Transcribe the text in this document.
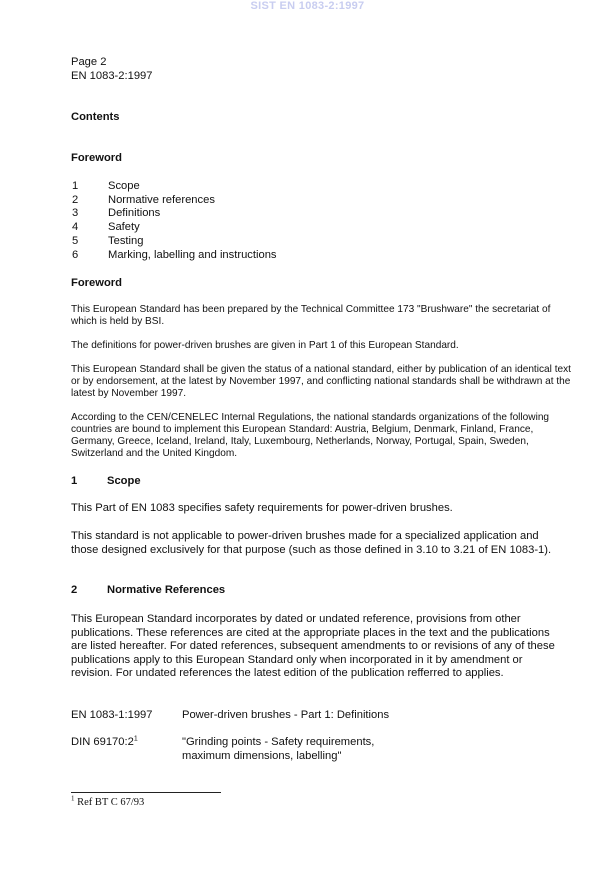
SIST EN 1083-2:1997
Page 2
EN 1083-2:1997
Contents
Foreword
1	Scope
2	Normative references
3	Definitions
4	Safety
5	Testing
6	Marking, labelling and instructions
Foreword
This European Standard has been prepared by the Technical Committee 173 "Brushware" the secretariat of which is held by BSI.
The definitions for power-driven brushes are given in Part 1 of this European Standard.
This European Standard shall be given the status of a national standard, either by publication of an identical text or by endorsement, at the latest by November 1997, and conflicting national standards shall be withdrawn at the latest by November 1997.
According to the CEN/CENELEC Internal Regulations, the national standards organizations of the following countries are bound to implement this European Standard: Austria, Belgium, Denmark, Finland, France, Germany, Greece, Iceland, Ireland, Italy, Luxembourg, Netherlands, Norway, Portugal, Spain, Sweden, Switzerland and the United Kingdom.
1	Scope
This Part of EN 1083 specifies safety requirements for power-driven brushes.
This standard is not applicable to power-driven brushes made for a specialized application and those designed exclusively for that purpose (such as those defined in 3.10 to 3.21 of EN 1083-1).
2	Normative References
This European Standard incorporates by dated or undated reference, provisions from other publications. These references are cited at the appropriate places in the text and the publications are listed hereafter. For dated references, subsequent amendments to or revisions of any of these publications apply to this European Standard only when incorporated in it by amendment or revision. For undated references the latest edition of the publication refferred to applies.
EN 1083-1:1997	Power-driven brushes - Part 1: Definitions
DIN $69170:2^1$	"Grinding points - Safety requirements, maximum dimensions, labelling"
$^1$ Ref BT C 67/93
